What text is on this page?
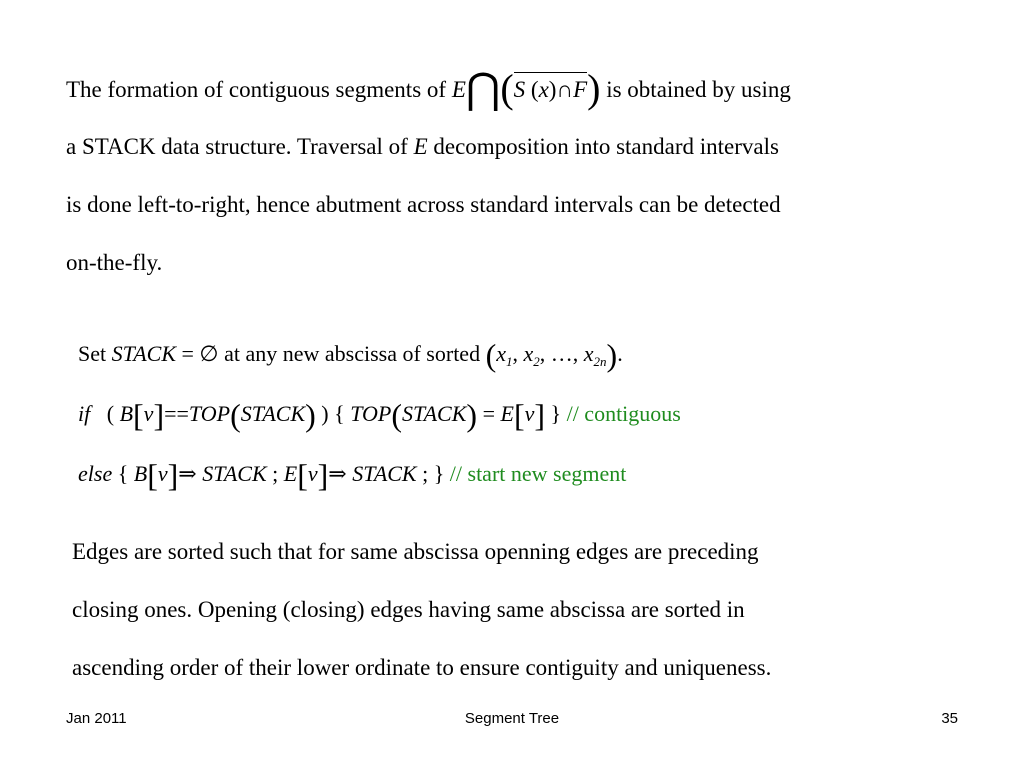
The formation of contiguous segments of E⋂(S (x)∩F) is obtained by using
a STACK data structure. Traversal of E decomposition into standard intervals
is done left-to-right, hence abutment across standard intervals can be detected
on-the-fly.
Set STACK = ∅ at any new abscissa of sorted ($x_1$, $x_2$, …, $x_{2n}$).
if   ( B[v]==TOP(STACK) ) { TOP(STACK) = E[v] } // contiguous
else { B[v]⇒ STACK ; E[v]⇒ STACK ; } // start new segment
Edges are sorted such that for same abscissa openning edges are preceding
closing ones. Opening (closing) edges having same abscissa are sorted in
ascending order of their lower ordinate to ensure contiguity and uniqueness.
Jan 2011	Segment Tree	35
